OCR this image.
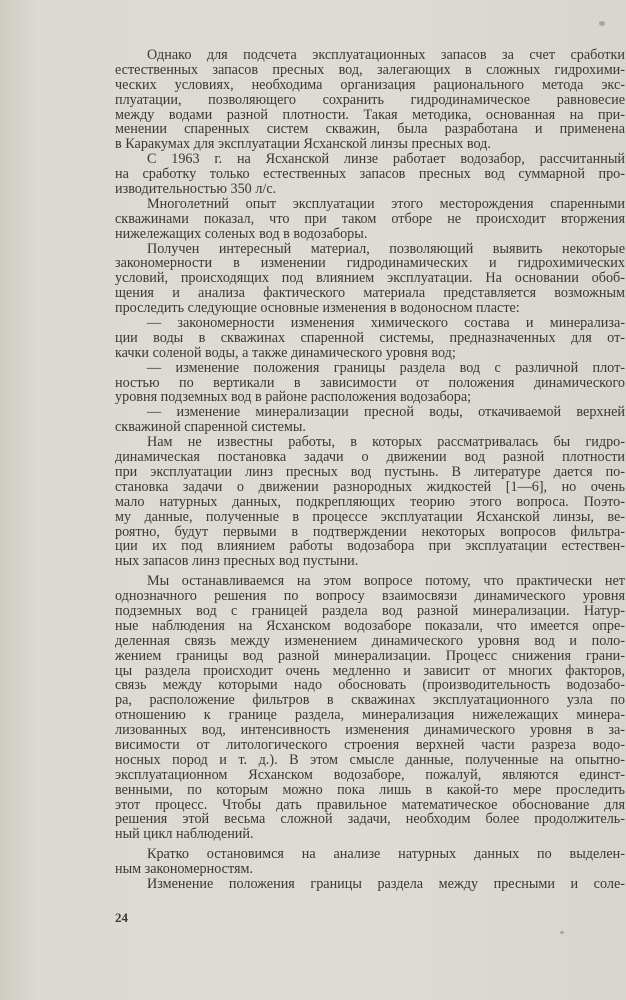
Однако для подсчета эксплуатационных запасов за счет сработки
естественных запасов пресных вод, залегающих в сложных гидрохими-
ческих условиях, необходима организация рационального метода экс-
плуатации, позволяющего сохранить гидродинамическое равновесие
между водами разной плотности. Такая методика, основанная на при-
менении спаренных систем скважин, была разработана и применена
в Каракумах для эксплуатации Ясханской линзы пресных вод.
С 1963 г. на Ясханской линзе работает водозабор, рассчитанный
на сработку только естественных запасов пресных вод суммарной про-
изводительностью 350 л/с.
Многолетний опыт эксплуатации этого месторождения спаренными
скважинами показал, что при таком отборе не происходит вторжения
нижележащих соленых вод в водозаборы.
Получен интересный материал, позволяющий выявить некоторые
закономерности в изменении гидродинамических и гидрохимических
условий, происходящих под влиянием эксплуатации. На основании обоб-
щения и анализа фактического материала представляется возможным
проследить следующие основные изменения в водоносном пласте:
— закономерности изменения химического состава и минерализа-
ции воды в скважинах спаренной системы, предназначенных для от-
качки соленой воды, а также динамического уровня вод;
— изменение положения границы раздела вод с различной плот-
ностью по вертикали в зависимости от положения динамического
уровня подземных вод в районе расположения водозабора;
— изменение минерализации пресной воды, откачиваемой верхней
скважиной спаренной системы.
Нам не известны работы, в которых рассматривалась бы гидро-
динамическая постановка задачи о движении вод разной плотности
при эксплуатации линз пресных вод пустынь. В литературе дается по-
становка задачи о движении разнородных жидкостей [1—6], но очень
мало натурных данных, подкрепляющих теорию этого вопроса. Поэто-
му данные, полученные в процессе эксплуатации Ясханской линзы, ве-
роятно, будут первыми в подтверждении некоторых вопросов фильтра-
ции их под влиянием работы водозабора при эксплуатации естествен-
ных запасов линз пресных вод пустыни.
Мы останавливаемся на этом вопросе потому, что практически нет
однозначного решения по вопросу взаимосвязи динамического уровня
подземных вод с границей раздела вод разной минерализации. Натур-
ные наблюдения на Ясханском водозаборе показали, что имеется опре-
деленная связь между изменением динамического уровня вод и поло-
жением границы вод разной минерализации. Процесс снижения грани-
цы раздела происходит очень медленно и зависит от многих факторов,
связь между которыми надо обосновать (производительность водозабо-
ра, расположение фильтров в скважинах эксплуатационного узла по
отношению к границе раздела, минерализация нижележащих минера-
лизованных вод, интенсивность изменения динамического уровня в за-
висимости от литологического строения верхней части разреза водо-
носных пород и т. д.). В этом смысле данные, полученные на опытно-
эксплуатационном Ясханском водозаборе, пожалуй, являются единст-
венными, по которым можно пока лишь в какой-то мере проследить
этот процесс. Чтобы дать правильное математическое обоснование для
решения этой весьма сложной задачи, необходим более продолжитель-
ный цикл наблюдений.
Кратко остановимся на анализе натурных данных по выделен-
ным закономерностям.
Изменение положения границы раздела между пресными и соле-
24
